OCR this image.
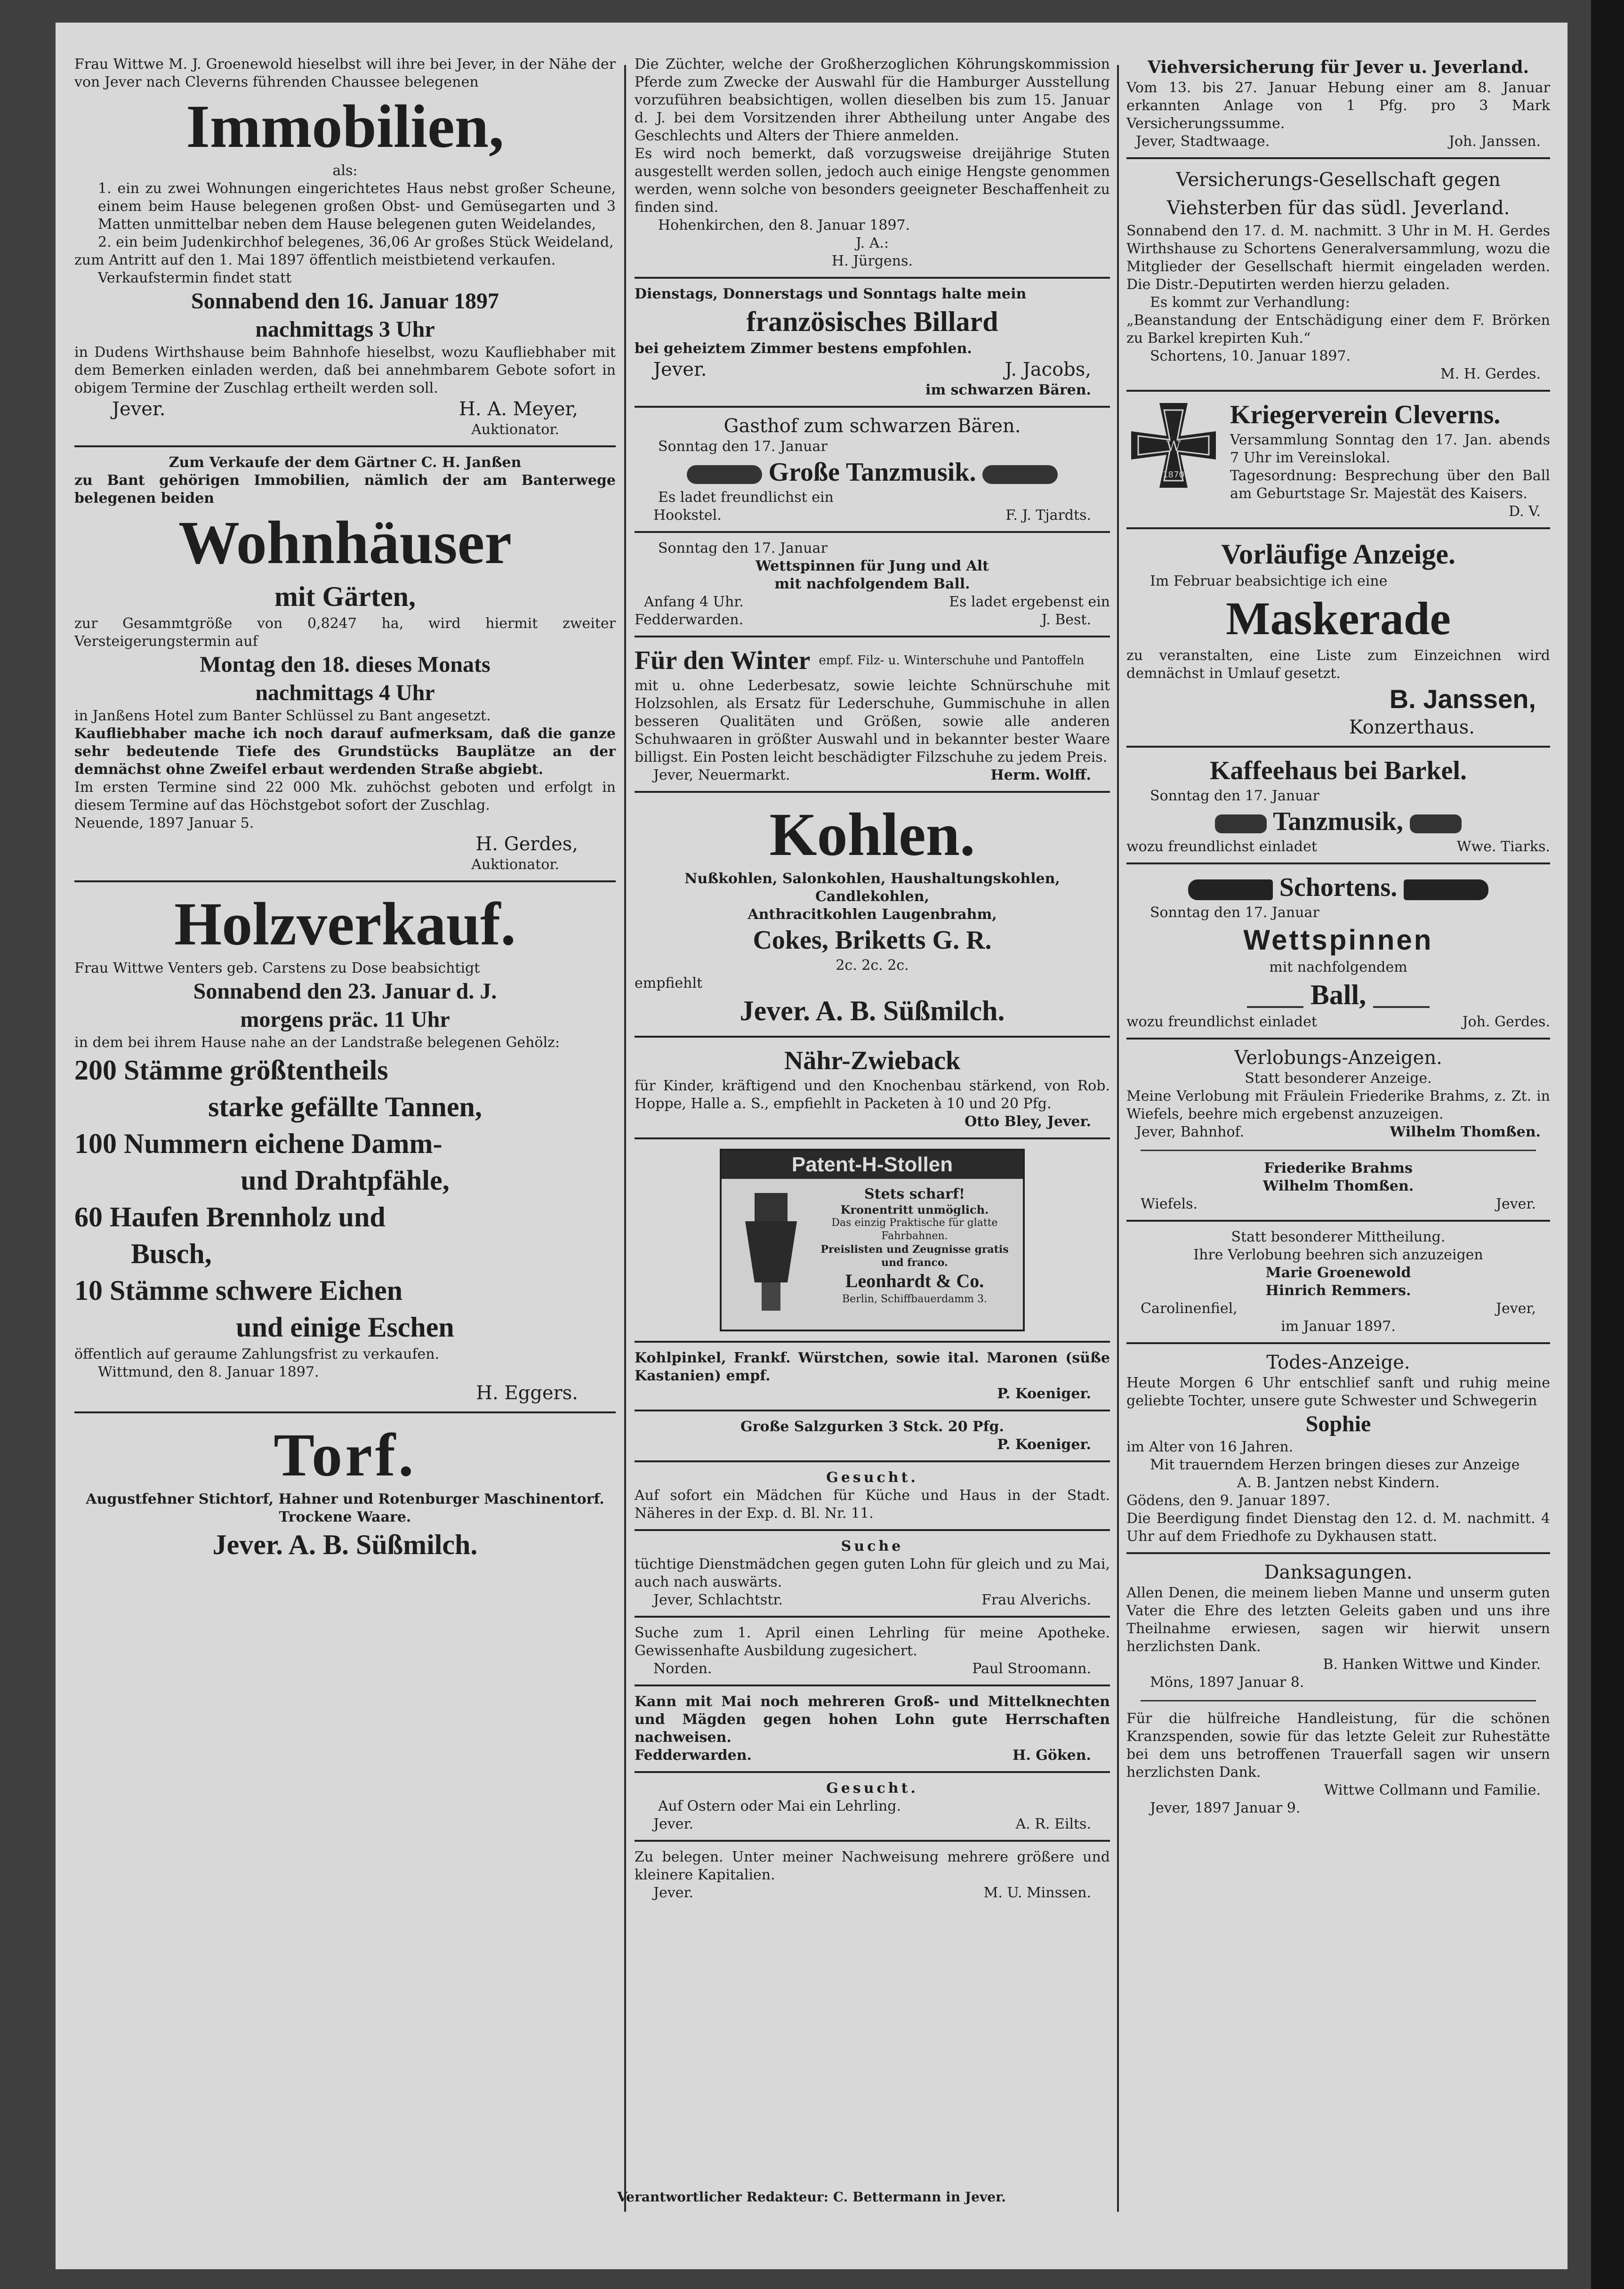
Frau Wittwe M. J. Groenewold hieselbst will ihre bei Jever, in der Nähe der von Jever nach Cleverns führenden Chaussee belegenen
Immobilien,
als:
1. ein zu zwei Wohnungen eingerichtetes Haus nebst großer Scheune, einem beim Hause belegenen großen Obst- und Gemüsegarten und 3 Matten unmittelbar neben dem Hause belegenen guten Weidelandes,
2. ein beim Judenkirchhof belegenes, 36,06 Ar großes Stück Weideland,
zum Antritt auf den 1. Mai 1897 öffentlich meistbietend verkaufen.
Verkaufstermin findet statt
Sonnabend den 16. Januar 1897
nachmittags 3 Uhr
in Dudens Wirthshause beim Bahnhofe hieselbst, wozu Kaufliebhaber mit dem Bemerken einladen werden, daß bei annehmbarem Gebote sofort in obigem Termine der Zuschlag ertheilt werden soll.
Jever.	H. A. Meyer,
Auktionator.
Zum Verkaufe der dem Gärtner C. H. Janßen
zu Bant gehörigen Immobilien, nämlich der am Banterwege belegenen beiden
Wohnhäuser
mit Gärten,
zur Gesammtgröße von 0,8247 ha, wird hiermit zweiter Versteigerungstermin auf
Montag den 18. dieses Monats
nachmittags 4 Uhr
in Janßens Hotel zum Banter Schlüssel zu Bant angesetzt.
Kaufliebhaber mache ich noch darauf aufmerksam, daß die ganze sehr bedeutende Tiefe des Grundstücks Bauplätze an der demnächst ohne Zweifel erbaut werdenden Straße abgiebt.
Im ersten Termine sind 22 000 Mk. zuhöchst geboten und erfolgt in diesem Termine auf das Höchstgebot sofort der Zuschlag.
Neuende, 1897 Januar 5.
H. Gerdes,
Auktionator.
Holzverkauf.
Frau Wittwe Venters geb. Carstens zu Dose beabsichtigt
Sonnabend den 23. Januar d. J.
morgens präc. 11 Uhr
in dem bei ihrem Hause nahe an der Landstraße belegenen Gehölz:
200 Stämme größtentheils
starke gefällte Tannen,
100 Nummern eichene Damm-
und Drahtpfähle,
60 Haufen Brennholz und
Busch,
10 Stämme schwere Eichen
und einige Eschen
öffentlich auf geraume Zahlungsfrist zu verkaufen.
Wittmund, den 8. Januar 1897.
H. Eggers.
Torf.
Augustfehner Stichtorf, Hahner und Rotenburger Maschinentorf. Trockene Waare.
Jever. A. B. Süßmilch.
Die Züchter, welche der Großherzoglichen Köhrungskommission Pferde zum Zwecke der Auswahl für die Hamburger Ausstellung vorzuführen beabsichtigen, wollen dieselben bis zum 15. Januar d. J. bei dem Vorsitzenden ihrer Abtheilung unter Angabe des Geschlechts und Alters der Thiere anmelden.
Es wird noch bemerkt, daß vorzugsweise dreijährige Stuten ausgestellt werden sollen, jedoch auch einige Hengste genommen werden, wenn solche von besonders geeigneter Beschaffenheit zu finden sind.
Hohenkirchen, den 8. Januar 1897.
J. A.:
H. Jürgens.
Dienstags, Donnerstags und Sonntags halte mein
französisches Billard
bei geheiztem Zimmer bestens empfohlen.
Jever.	J. Jacobs,
im schwarzen Bären.
Gasthof zum schwarzen Bären.
Sonntag den 17. Januar
Große Tanzmusik.
Es ladet freundlichst ein
Hookstel.	F. J. Tjardts.
Sonntag den 17. Januar
Wettspinnen für Jung und Alt
mit nachfolgendem Ball.
Anfang 4 Uhr.	Es ladet ergebenst ein
Fedderwarden.	J. Best.
Für den Winter empf. Filz- u. Winterschuhe und Pantoffeln
mit u. ohne Lederbesatz, sowie leichte Schnürschuhe mit Holzsohlen, als Ersatz für Lederschuhe, Gummischuhe in allen besseren Qualitäten und Größen, sowie alle anderen Schuhwaaren in größter Auswahl und in bekannter bester Waare billigst. Ein Posten leicht beschädigter Filzschuhe zu jedem Preis.
Jever, Neuermarkt.	Herm. Wolff.
Kohlen.
Nußkohlen, Salonkohlen, Haushaltungskohlen, Candlekohlen,
Anthracitkohlen Laugenbrahm,
Cokes, Briketts G. R.
2c. 2c. 2c.
empfiehlt
Jever. A. B. Süßmilch.
Nähr-Zwieback
für Kinder, kräftigend und den Knochenbau stärkend, von Rob. Hoppe, Halle a. S., empfiehlt in Packeten à 10 und 20 Pfg.
Otto Bley, Jever.
Patent-H-Stollen
Stets scharf!
Kronentritt unmöglich.
Das einzig Praktische für glatte Fahrbahnen.
Preislisten und Zeugnisse gratis und franco.
Leonhardt & Co.
Berlin, Schiffbauerdamm 3.
Kohlpinkel, Frankf. Würstchen, sowie ital. Maronen (süße Kastanien) empf.
P. Koeniger.
Große Salzgurken 3 Stck. 20 Pfg.
P. Koeniger.
Gesucht.
Auf sofort ein Mädchen für Küche und Haus in der Stadt. Näheres in der Exp. d. Bl. Nr. 11.
Suche
tüchtige Dienstmädchen gegen guten Lohn für gleich und zu Mai, auch nach auswärts.
Jever, Schlachtstr.	Frau Alverichs.
Suche zum 1. April einen Lehrling für meine Apotheke. Gewissenhafte Ausbildung zugesichert.
Norden.	Paul Stroomann.
Kann mit Mai noch mehreren Groß- und Mittelknechten und Mägden gegen hohen Lohn gute Herrschaften nachweisen.
Fedderwarden.	H. Göken.
Gesucht.
Auf Ostern oder Mai ein Lehrling.
Jever.	A. R. Eilts.
Zu belegen. Unter meiner Nachweisung mehrere größere und kleinere Kapitalien.
Jever.	M. U. Minssen.
Viehversicherung für Jever u. Jeverland.
Vom 13. bis 27. Januar Hebung einer am 8. Januar erkannten Anlage von 1 Pfg. pro 3 Mark Versicherungssumme.
Jever, Stadtwaage.	Joh. Janssen.
Versicherungs-Gesellschaft gegen Viehsterben für das südl. Jeverland.
Sonnabend den 17. d. M. nachmitt. 3 Uhr in M. H. Gerdes Wirthshause zu Schortens Generalversammlung, wozu die Mitglieder der Gesellschaft hiermit eingeladen werden. Die Distr.-Deputirten werden hierzu geladen.
Es kommt zur Verhandlung:
„Beanstandung der Entschädigung einer dem F. Brörken zu Barkel krepirten Kuh.“
Schortens, 10. Januar 1897.
M. H. Gerdes.
W
1870
Kriegerverein Cleverns.
Versammlung Sonntag den 17. Jan. abends 7 Uhr im Vereinslokal.
Tagesordnung: Besprechung über den Ball am Geburtstage Sr. Majestät des Kaisers.
D. V.
Vorläufige Anzeige.
Im Februar beabsichtige ich eine
Maskerade
zu veranstalten, eine Liste zum Einzeichnen wird demnächst in Umlauf gesetzt.
B. Janssen,
Konzerthaus.
Kaffeehaus bei Barkel.
Sonntag den 17. Januar
Tanzmusik,
wozu freundlichst einladet	Wwe. Tiarks.
Schortens.
Sonntag den 17. Januar
Wettspinnen
mit nachfolgendem
Ball,
wozu freundlichst einladet	Joh. Gerdes.
Verlobungs-Anzeigen.
Statt besonderer Anzeige.
Meine Verlobung mit Fräulein Friederike Brahms, z. Zt. in Wiefels, beehre mich ergebenst anzuzeigen.
Jever, Bahnhof.	Wilhelm Thomßen.
Friederike Brahms
Wilhelm Thomßen.
Wiefels.	Jever.
Statt besonderer Mittheilung.
Ihre Verlobung beehren sich anzuzeigen
Marie Groenewold
Hinrich Remmers.
Carolinenfiel,	Jever,
im Januar 1897.
Todes-Anzeige.
Heute Morgen 6 Uhr entschlief sanft und ruhig meine geliebte Tochter, unsere gute Schwester und Schwegerin
Sophie
im Alter von 16 Jahren.
Mit trauerndem Herzen bringen dieses zur Anzeige
A. B. Jantzen nebst Kindern.
Gödens, den 9. Januar 1897.
Die Beerdigung findet Dienstag den 12. d. M. nachmitt. 4 Uhr auf dem Friedhofe zu Dykhausen statt.
Danksagungen.
Allen Denen, die meinem lieben Manne und unserm guten Vater die Ehre des letzten Geleits gaben und uns ihre Theilnahme erwiesen, sagen wir hierwit unsern herzlichsten Dank.
B. Hanken Wittwe und Kinder.
Möns, 1897 Januar 8.
Für die hülfreiche Handleistung, für die schönen Kranzspenden, sowie für das letzte Geleit zur Ruhestätte bei dem uns betroffenen Trauerfall sagen wir unsern herzlichsten Dank.
Wittwe Collmann und Familie.
Jever, 1897 Januar 9.
Verantwortlicher Redakteur: C. Bettermann in Jever.
